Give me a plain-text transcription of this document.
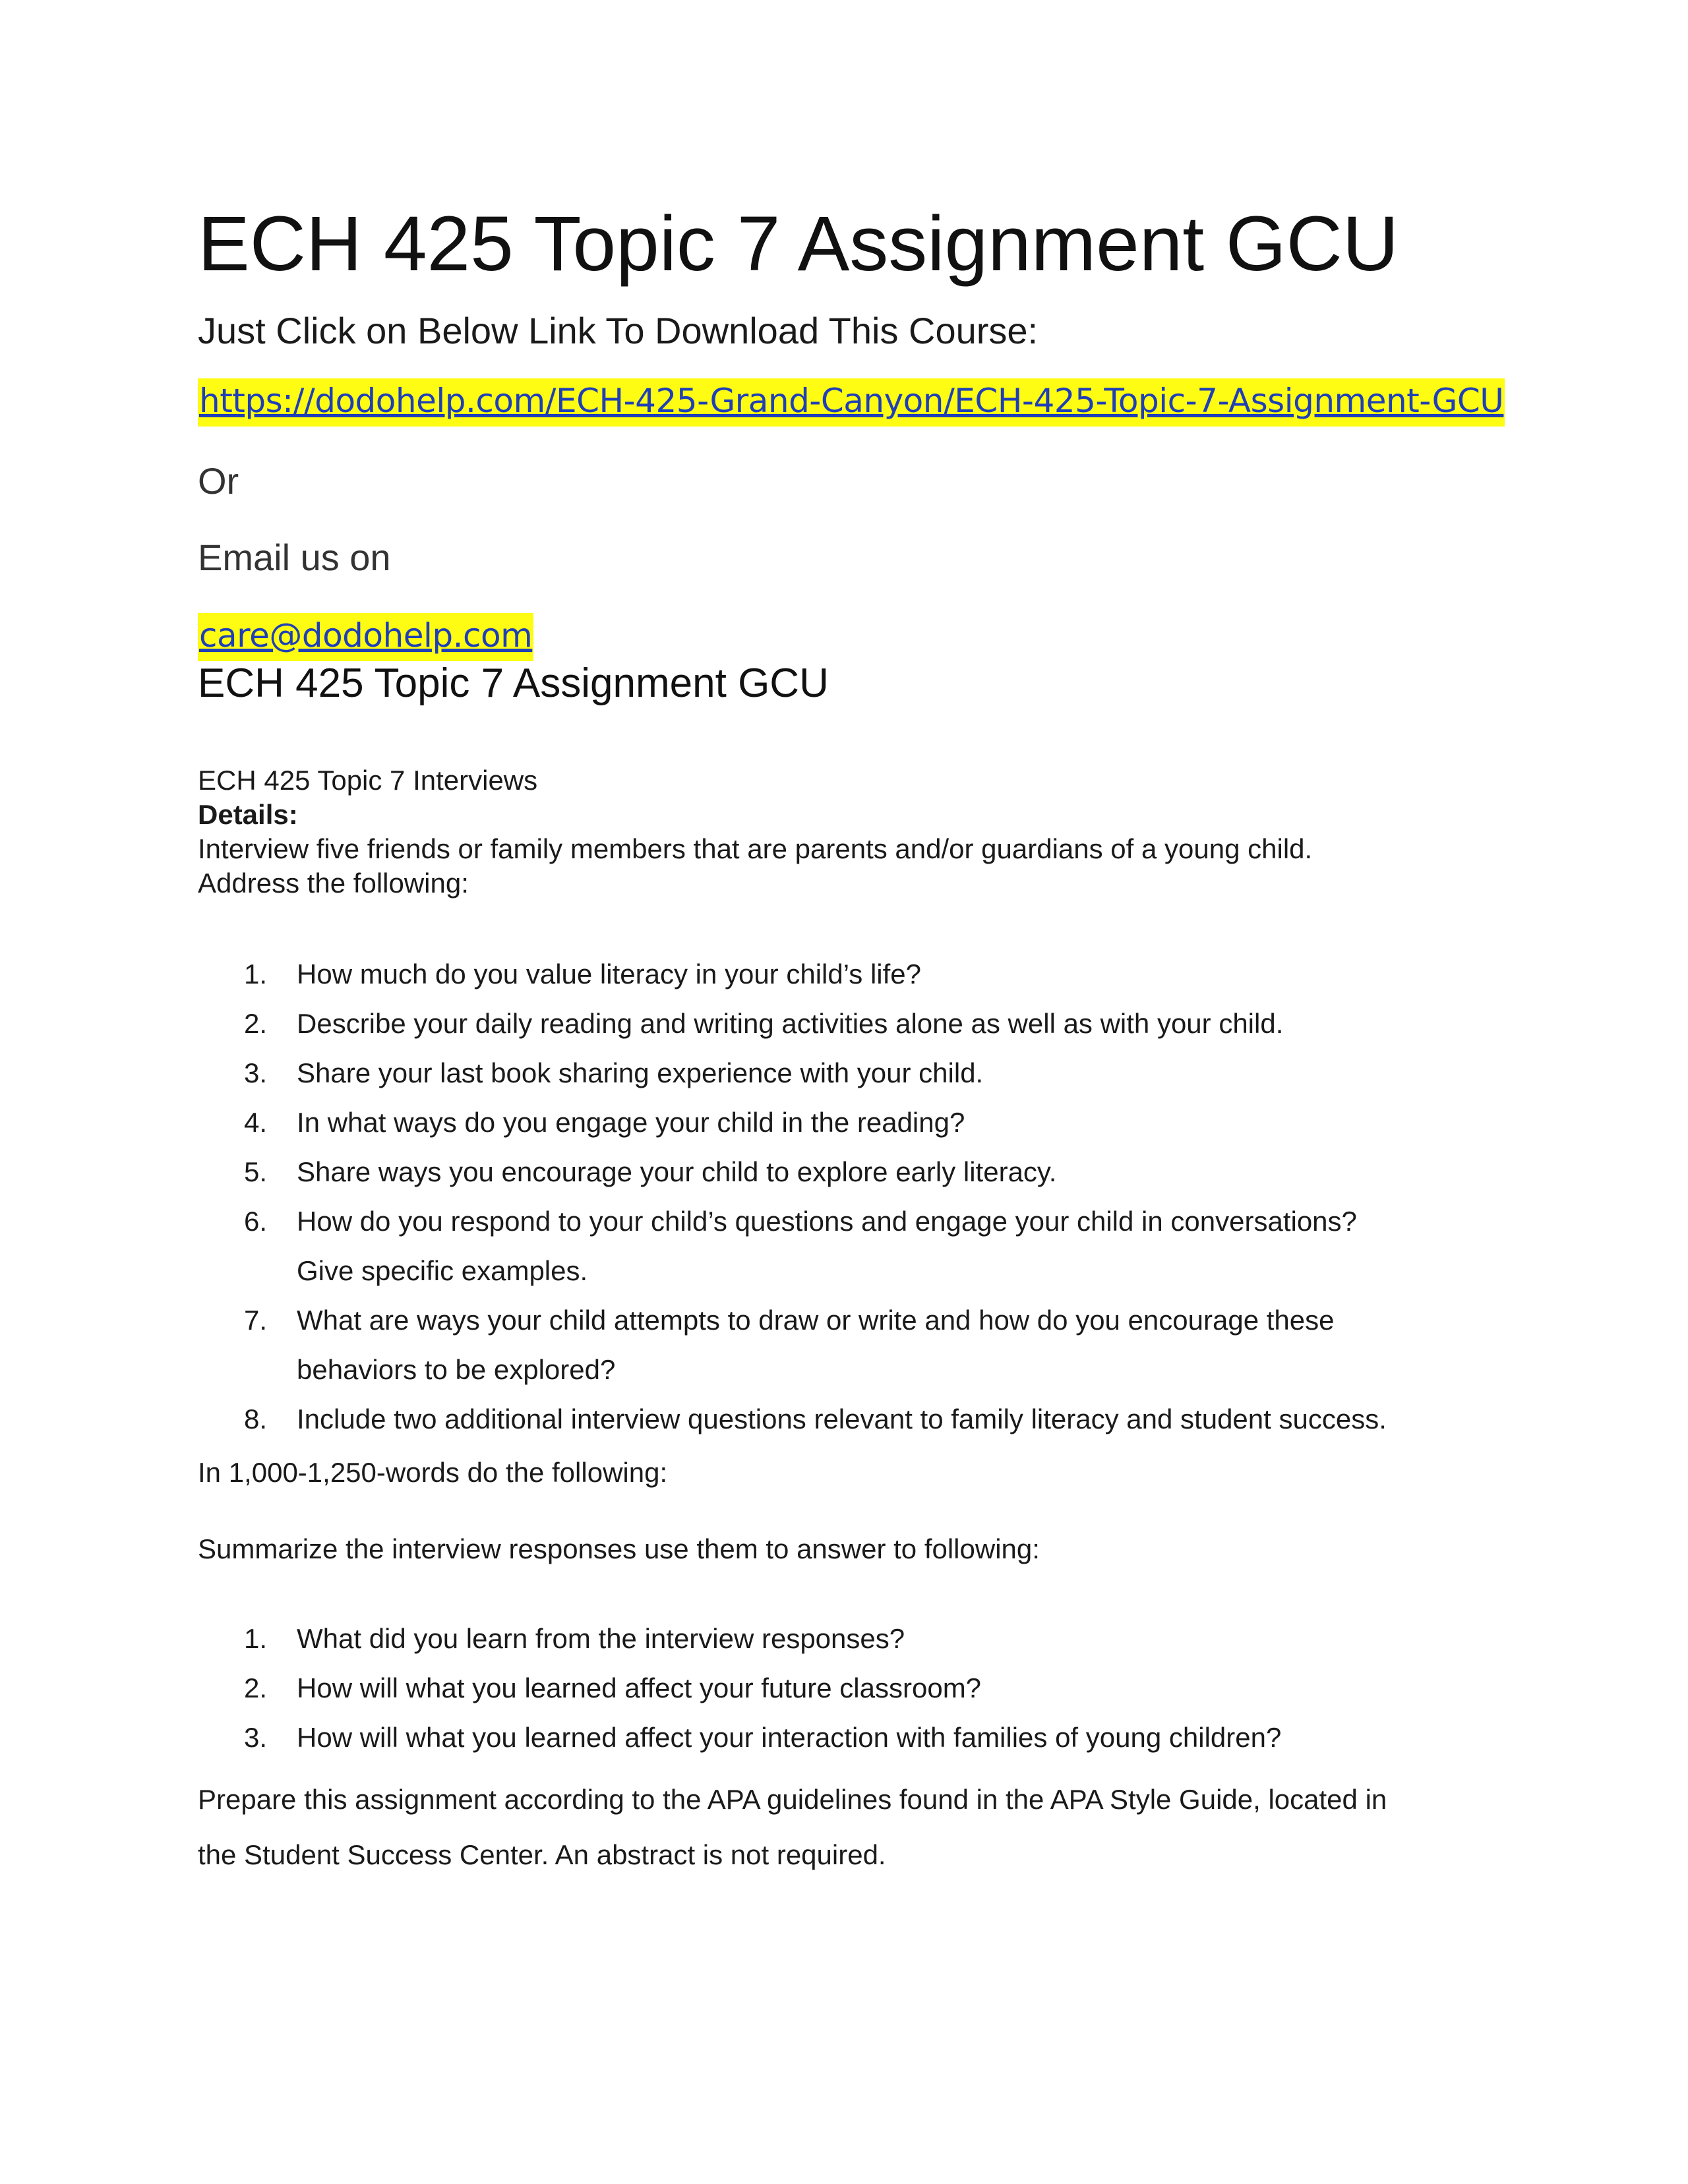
ECH 425 Topic 7 Assignment GCU
Just Click on Below Link To Download This Course:
https://dodohelp.com/ECH-425-Grand-Canyon/ECH-425-Topic-7-Assignment-GCU
Or
Email us on
care@dodohelp.com
ECH 425 Topic 7 Assignment GCU
ECH 425 Topic 7 Interviews
Details:
Interview five friends or family members that are parents and/or guardians of a young child.
Address the following:
1.	How much do you value literacy in your child’s life?
2.	Describe your daily reading and writing activities alone as well as with your child.
3.	Share your last book sharing experience with your child.
4.	In what ways do you engage your child in the reading?
5.	Share ways you encourage your child to explore early literacy.
6.	How do you respond to your child’s questions and engage your child in conversations?
Give specific examples.
7.	What are ways your child attempts to draw or write and how do you encourage these
behaviors to be explored?
8.	Include two additional interview questions relevant to family literacy and student success.
In 1,000-1,250-words do the following:
Summarize the interview responses use them to answer to following:
1.	What did you learn from the interview responses?
2.	How will what you learned affect your future classroom?
3.	How will what you learned affect your interaction with families of young children?
Prepare this assignment according to the APA guidelines found in the APA Style Guide, located in
the Student Success Center. An abstract is not required.
